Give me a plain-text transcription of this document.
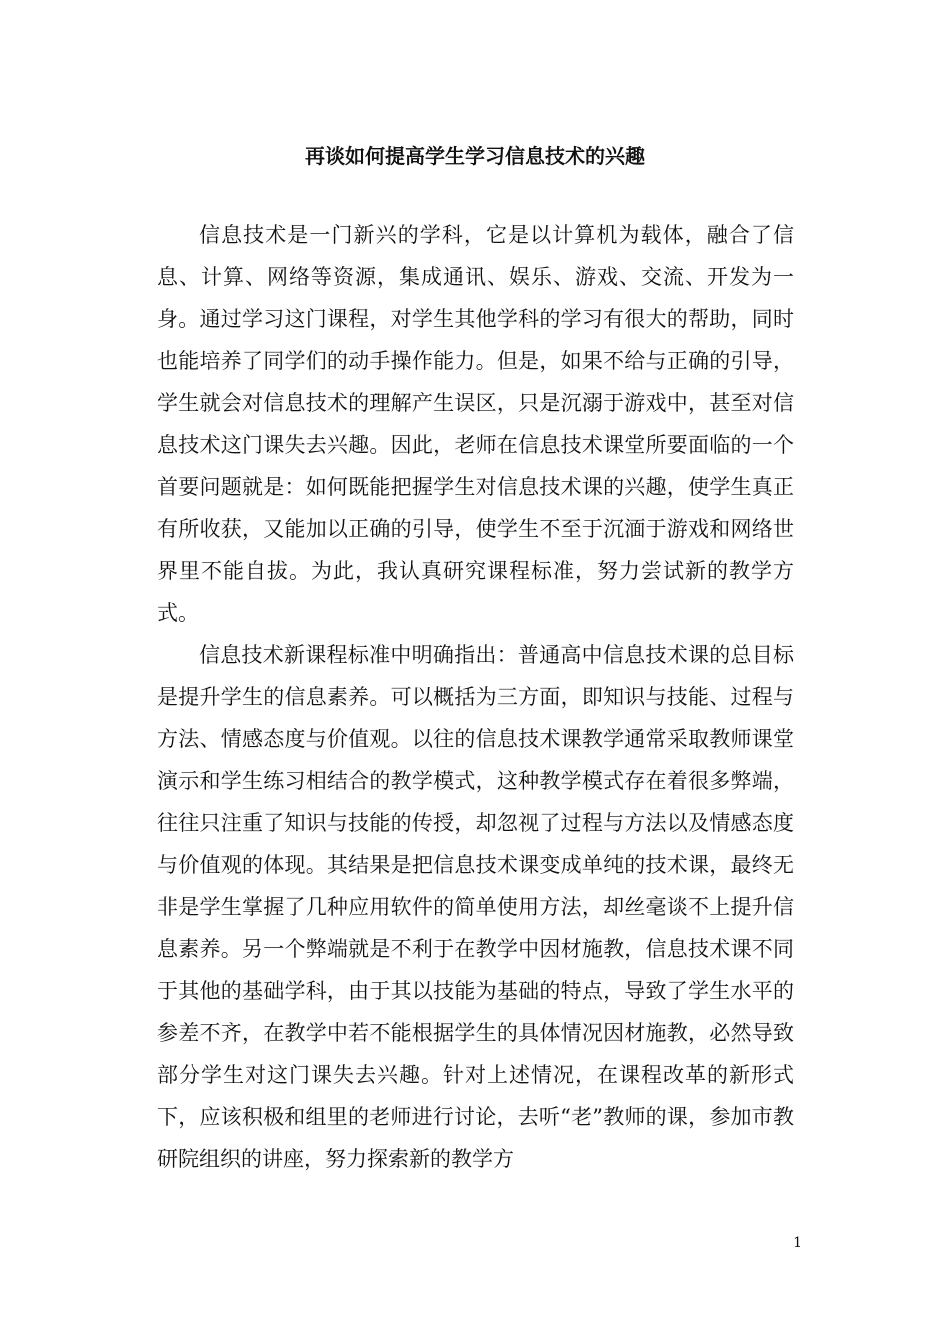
再谈如何提高学生学习信息技术的兴趣

信息技术是一门新兴的学科，它是以计算机为载体，融合了信息、计算、网络等资源，集成通讯、娱乐、游戏、交流、开发为一身。通过学习这门课程，对学生其他学科的学习有很大的帮助，同时也能培养了同学们的动手操作能力。但是，如果不给与正确的引导，学生就会对信息技术的理解产生误区，只是沉溺于游戏中，甚至对信息技术这门课失去兴趣。因此，老师在信息技术课堂所要面临的一个首要问题就是：如何既能把握学生对信息技术课的兴趣，使学生真正有所收获，又能加以正确的引导，使学生不至于沉湎于游戏和网络世界里不能自拔。为此，我认真研究课程标准，努力尝试新的教学方式。

信息技术新课程标准中明确指出：普通高中信息技术课的总目标是提升学生的信息素养。可以概括为三方面，即知识与技能、过程与方法、情感态度与价值观。以往的信息技术课教学通常采取教师课堂演示和学生练习相结合的教学模式，这种教学模式存在着很多弊端，往往只注重了知识与技能的传授，却忽视了过程与方法以及情感态度与价值观的体现。其结果是把信息技术课变成单纯的技术课，最终无非是学生掌握了几种应用软件的简单使用方法，却丝毫谈不上提升信息素养。另一个弊端就是不利于在教学中因材施教，信息技术课不同于其他的基础学科，由于其以技能为基础的特点，导致了学生水平的参差不齐，在教学中若不能根据学生的具体情况因材施教，必然导致部分学生对这门课失去兴趣。针对上述情况，在课程改革的新形式下，应该积极和组里的老师进行讨论，去听“老”教师的课，参加市教研院组织的讲座，努力探索新的教学方

1
